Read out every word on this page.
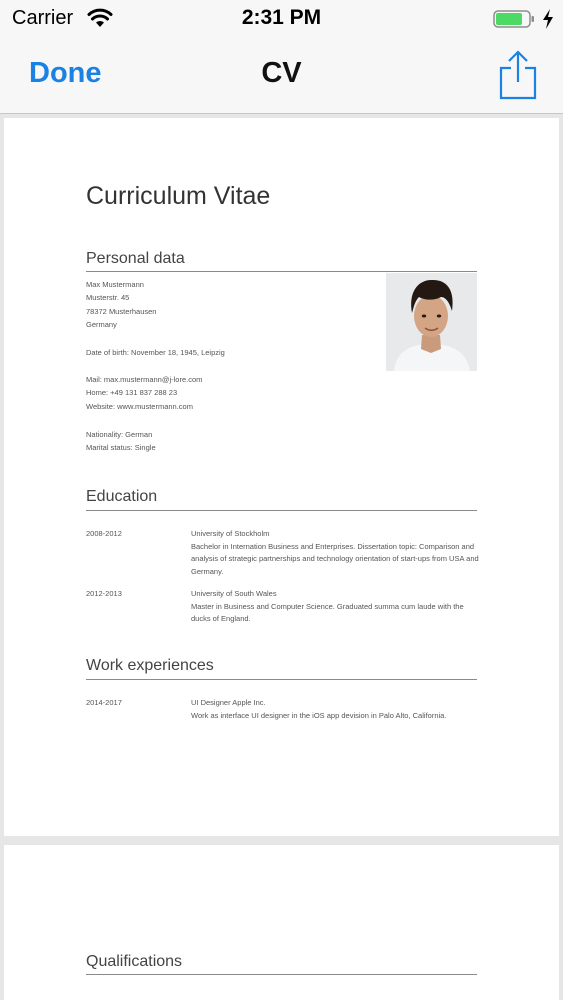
Carrier	2:31 PM
Done	CV
Curriculum Vitae
Personal data
Max Mustermann
Musterstr. 45
78372 Musterhausen
Germany
Date of birth: November 18, 1945, Leipzig
Mail: max.mustermann@j-lore.com
Home: +49 131 837 288 23
Website: www.mustermann.com
Nationality: German
Marital status: Single
Education
2008-2012	University of Stockholm
Bachelor in Internation Business and Enterprises. Dissertation topic: Comparison and analysis of strategic partnerships and technology orientation of start-ups from USA and Germany.
2012-2013	University of South Wales
Master in Business and Computer Science. Graduated summa cum laude with the ducks of England.
Work experiences
2014-2017	UI Designer Apple Inc.
Work as interface UI designer in the iOS app devision in Palo Alto, California.
Qualifications
